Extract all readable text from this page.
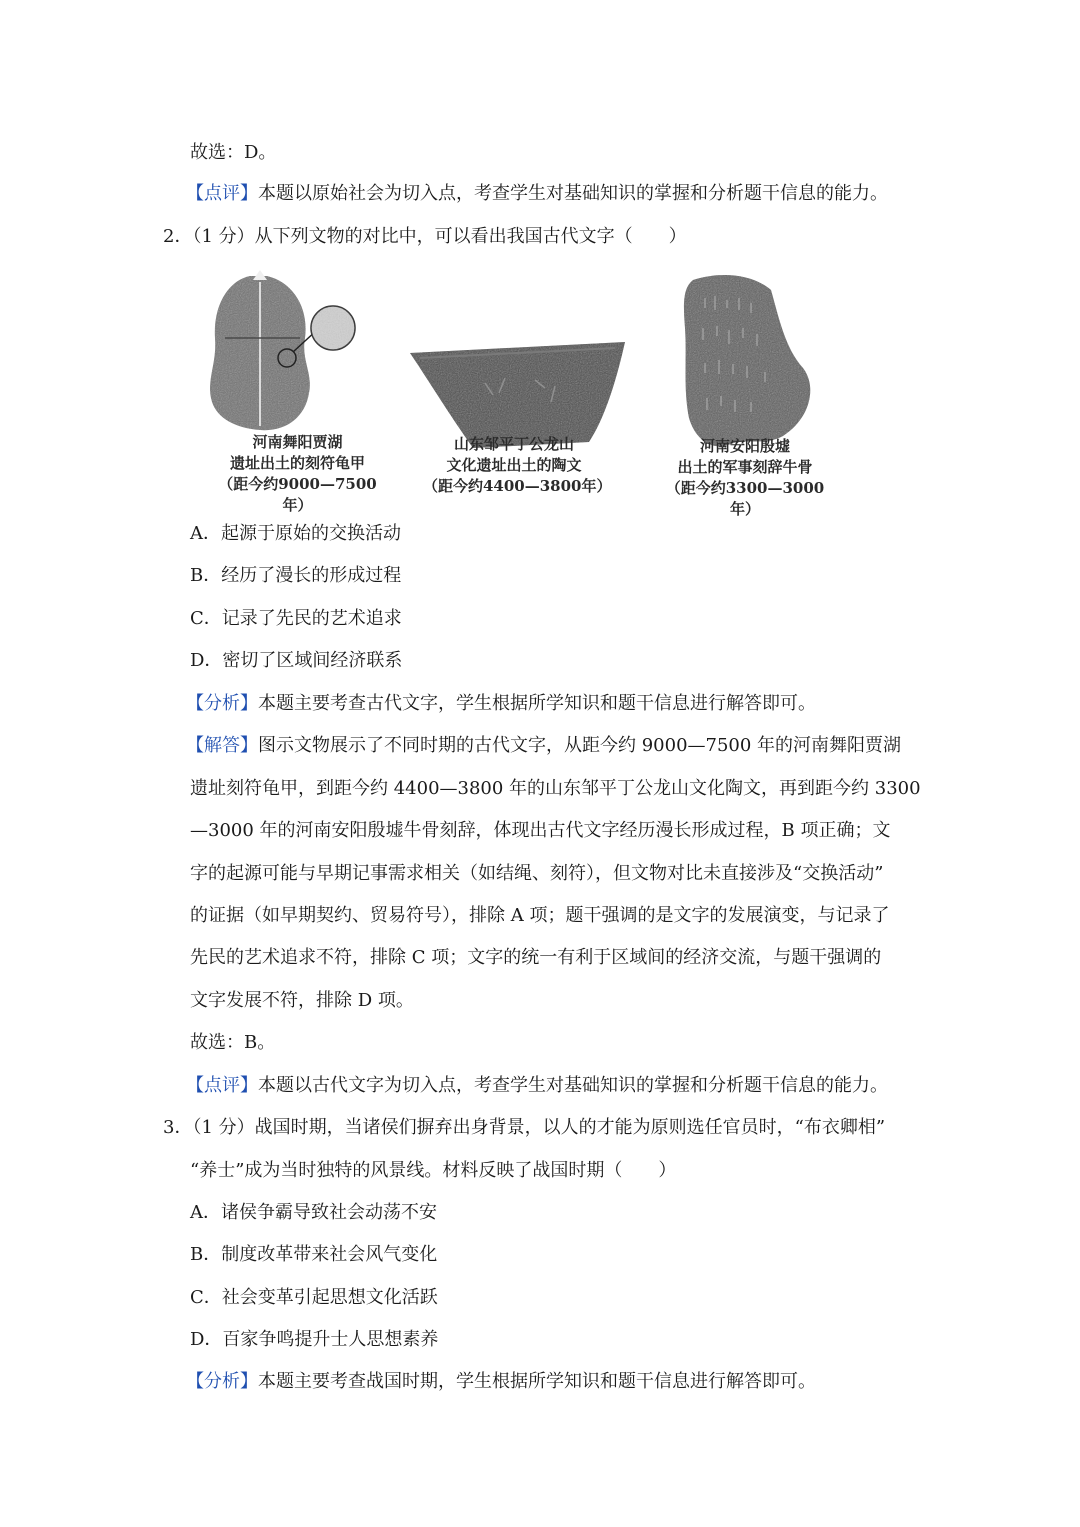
故选：D。
【点评】本题以原始社会为切入点，考查学生对基础知识的掌握和分析题干信息的能力。
2．（1 分）从下列文物的对比中，可以看出我国古代文字（　　）
河南舞阳贾湖
遗址出土的刻符龟甲
（距今约9000—7500年）
山东邹平丁公龙山
文化遗址出土的陶文
（距今约4400—3800年）
河南安阳殷墟
出土的军事刻辞牛骨
（距今约3300—3000年）
A．起源于原始的交换活动
B．经历了漫长的形成过程
C．记录了先民的艺术追求
D．密切了区域间经济联系
【分析】本题主要考查古代文字，学生根据所学知识和题干信息进行解答即可。
【解答】图示文物展示了不同时期的古代文字，从距今约 9000—7500 年的河南舞阳贾湖
遗址刻符龟甲，到距今约 4400—3800 年的山东邹平丁公龙山文化陶文，再到距今约 3300
—3000 年的河南安阳殷墟牛骨刻辞，体现出古代文字经历漫长形成过程，B 项正确；文
字的起源可能与早期记事需求相关（如结绳、刻符），但文物对比未直接涉及“交换活动”
的证据（如早期契约、贸易符号），排除 A 项；题干强调的是文字的发展演变，与记录了
先民的艺术追求不符，排除 C 项；文字的统一有利于区域间的经济交流，与题干强调的
文字发展不符，排除 D 项。
故选：B。
【点评】本题以古代文字为切入点，考查学生对基础知识的掌握和分析题干信息的能力。
3．（1 分）战国时期，当诸侯们摒弃出身背景，以人的才能为原则选任官员时，“布衣卿相”
“养士”成为当时独特的风景线。材料反映了战国时期（　　）
A．诸侯争霸导致社会动荡不安
B．制度改革带来社会风气变化
C．社会变革引起思想文化活跃
D．百家争鸣提升士人思想素养
【分析】本题主要考查战国时期，学生根据所学知识和题干信息进行解答即可。
